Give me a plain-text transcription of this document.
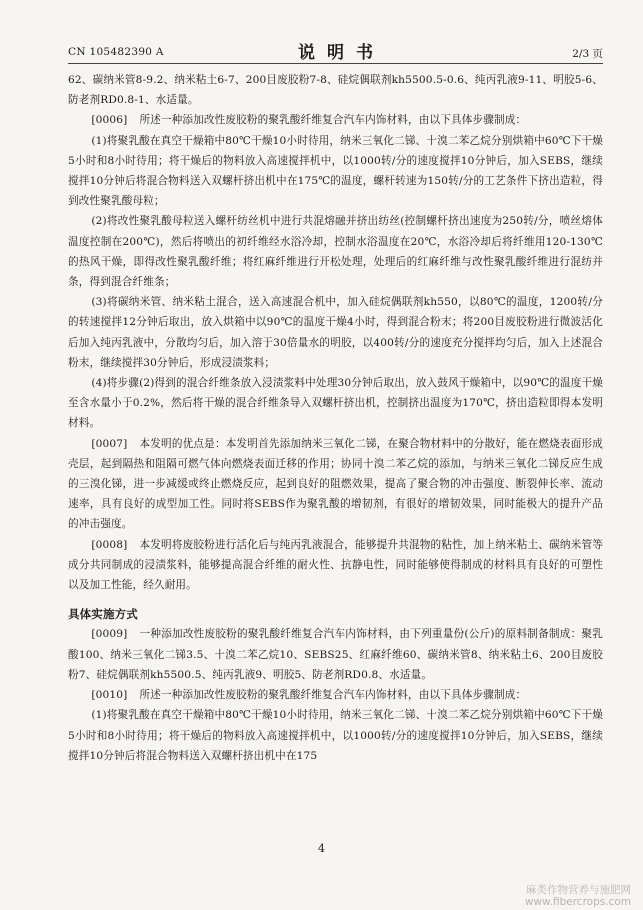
CN 105482390 A	说明书	2/3 页

62、碳纳米管8-9.2、纳米粘土6-7、200目废胶粉7-8、硅烷偶联剂kh5500.5-0.6、纯丙乳液9-11、明胶5-6、防老剂RD0.8-1、水适量。

[0006] 所述一种添加改性废胶粉的聚乳酸纤维复合汽车内饰材料，由以下具体步骤制成：

(1)将聚乳酸在真空干燥箱中80℃干燥10小时待用，纳米三氧化二锑、十溴二苯乙烷分别烘箱中60℃下干燥5小时和8小时待用；将干燥后的物料放入高速搅拌机中，以1000转/分的速度搅拌10分钟后，加入SEBS，继续搅拌10分钟后将混合物料送入双螺杆挤出机中在175℃的温度，螺杆转速为150转/分的工艺条件下挤出造粒，得到改性聚乳酸母粒；

(2)将改性聚乳酸母粒送入螺杆纺丝机中进行共混熔融并挤出纺丝(控制螺杆挤出速度为250转/分，喷丝熔体温度控制在200℃)，然后将喷出的初纤维经水浴冷却，控制水浴温度在20℃，水浴冷却后将纤维用120-130℃的热风干燥，即得改性聚乳酸纤维；将红麻纤维进行开松处理，处理后的红麻纤维与改性聚乳酸纤维进行混纺并条，得到混合纤维条；

(3)将碳纳米管、纳米粘土混合，送入高速混合机中，加入硅烷偶联剂kh550，以80℃的温度，1200转/分的转速搅拌12分钟后取出，放入烘箱中以90℃的温度干燥4小时，得到混合粉末；将200目废胶粉进行微波活化后加入纯丙乳液中，分散均匀后，加入溶于30倍量水的明胶，以400转/分的速度充分搅拌均匀后，加入上述混合粉末，继续搅拌30分钟后，形成浸渍浆料；

(4)将步骤(2)得到的混合纤维条放入浸渍浆料中处理30分钟后取出，放入鼓风干燥箱中，以90℃的温度干燥至含水量小于0.2%，然后将干燥的混合纤维条导入双螺杆挤出机，控制挤出温度为170℃，挤出造粒即得本发明材料。

[0007] 本发明的优点是：本发明首先添加纳米三氧化二锑，在聚合物材料中的分散好，能在燃烧表面形成壳层，起到隔热和阻隔可燃气体向燃烧表面迁移的作用；协同十溴二苯乙烷的添加，与纳米三氧化二锑反应生成的三溴化锑，进一步减缓或终止燃烧反应，起到良好的阻燃效果，提高了聚合物的冲击强度、断裂伸长率、流动速率，具有良好的成型加工性。同时将SEBS作为聚乳酸的增韧剂，有很好的增韧效果，同时能极大的提升产品的冲击强度。

[0008] 本发明将废胶粉进行活化后与纯丙乳液混合，能够提升共混物的粘性，加上纳米粘土、碳纳米管等成分共同制成的浸渍浆料，能够提高混合纤维的耐火性、抗静电性，同时能够使得制成的材料具有良好的可塑性以及加工性能，经久耐用。

具体实施方式

[0009] 一种添加改性废胶粉的聚乳酸纤维复合汽车内饰材料，由下列重量份(公斤)的原料制备制成：聚乳酸100、纳米三氧化二锑3.5、十溴二苯乙烷10、SEBS25、红麻纤维60、碳纳米管8、纳米粘土6、200目废胶粉7、硅烷偶联剂kh5500.5、纯丙乳液9、明胶5、防老剂RD0.8、水适量。

[0010] 所述一种添加改性废胶粉的聚乳酸纤维复合汽车内饰材料，由以下具体步骤制成：

(1)将聚乳酸在真空干燥箱中80℃干燥10小时待用，纳米三氧化二锑、十溴二苯乙烷分别烘箱中60℃下干燥5小时和8小时待用；将干燥后的物料放入高速搅拌机中，以1000转/分的速度搅拌10分钟后，加入SEBS，继续搅拌10分钟后将混合物料送入双螺杆挤出机中在175

4
麻类作物营养与施肥网
www.fibercrops.com
